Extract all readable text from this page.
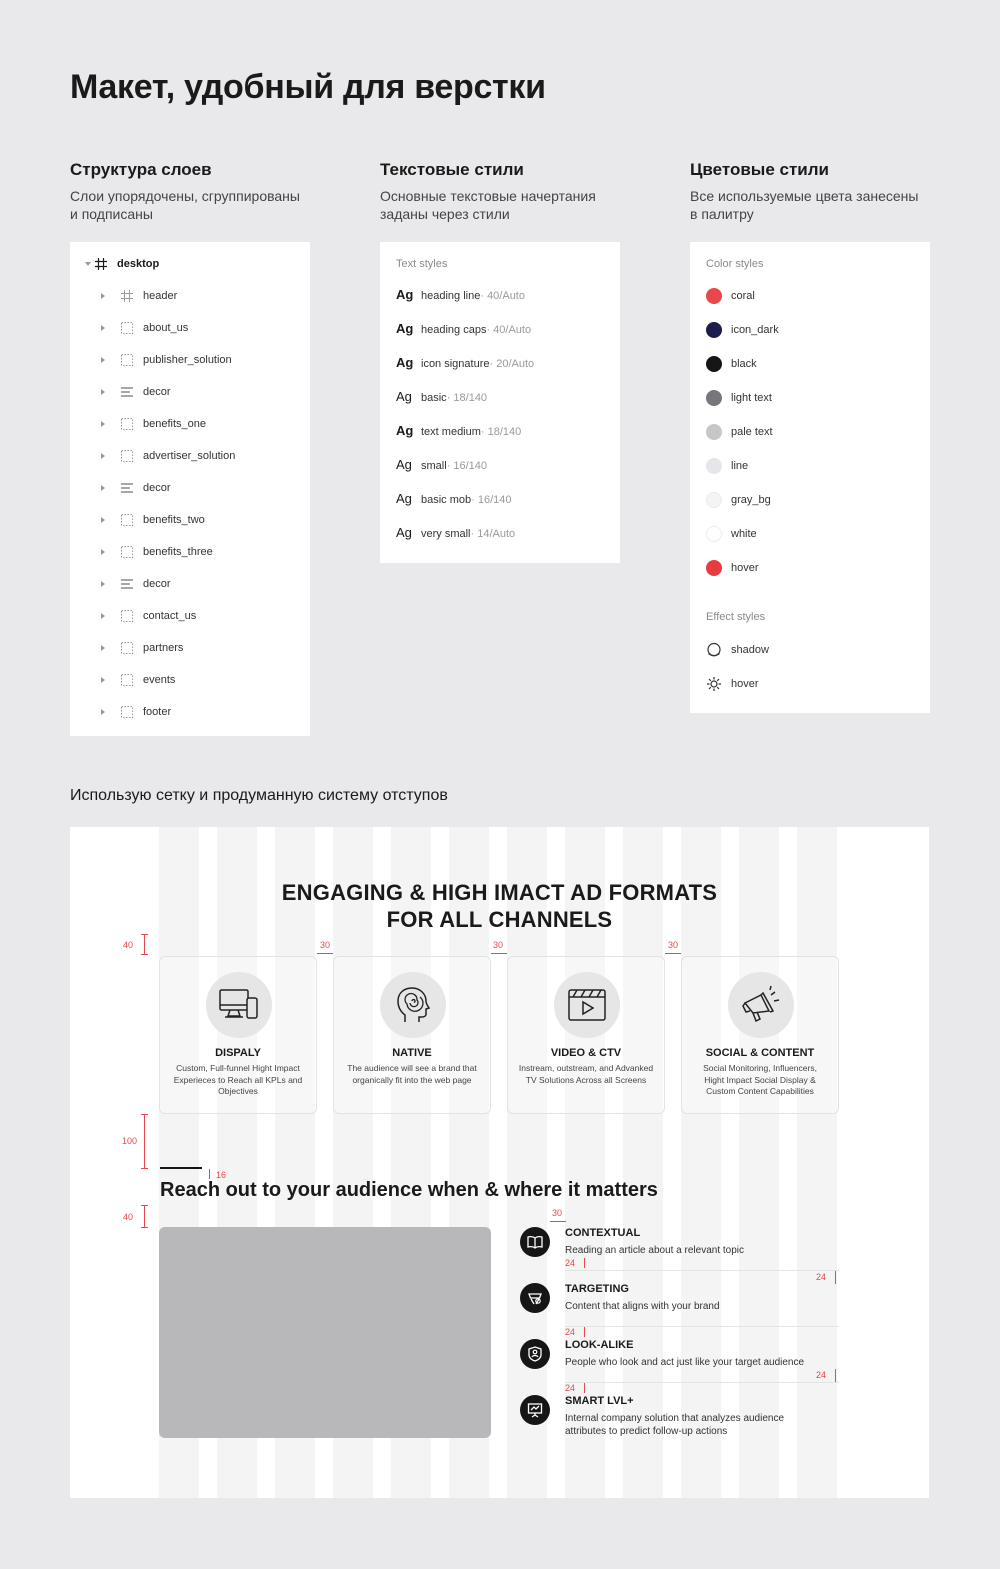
Макет, удобный для верстки
Структура слоев

Слои упорядочены, сгруппированы
и подписаны

Текстовые стили

Основные текстовые начертания
заданы через стили

Цветовые стили

Все используемые цвета занесены
в палитру

desktop
header
about_us
publisher_solution
decor
benefits_one
advertiser_solution
decor
benefits_two
benefits_three
decor
contact_us
partners
events
footer
Text styles
Ag heading line · 40/Auto
Ag heading caps · 40/Auto
Ag icon signature · 20/Auto
Ag basic · 18/140
Ag text medium · 18/140
Ag small · 16/140
Ag basic mob · 16/140
Ag very small · 14/Auto
Color styles
Effect styles
shadow
hover
coral
icon_dark
black
light text
pale text
line
gray_bg
white
hover
Использую сетку и продуманную систему отступов
ENGAGING & HIGH IMACT AD FORMATS
FOR ALL CHANNELS
40	30	30	30
100
16
40
Reach out to your audience when & where it matters
30
24
24
24
24
24
DISPALY
Custom, Full-funnel Hight Impact Experieces to Reach all KPLs and Objectives
NATIVE
The audience will see a brand that organically fit into the web page
VIDEO & CTV
Instream, outstream, and Advanked TV Solutions Across all Screens
SOCIAL & CONTENT
Social Monitoring, Influencers, Hight Impact Social Display & Custom Content Capabilities
CONTEXTUAL
Reading an article about a relevant topic
TARGETING
Content that aligns with your brand
LOOK-ALIKE
People who look and act just like your target audience
SMART LVL+
Internal company solution that analyzes audience attributes to predict follow-up actions
